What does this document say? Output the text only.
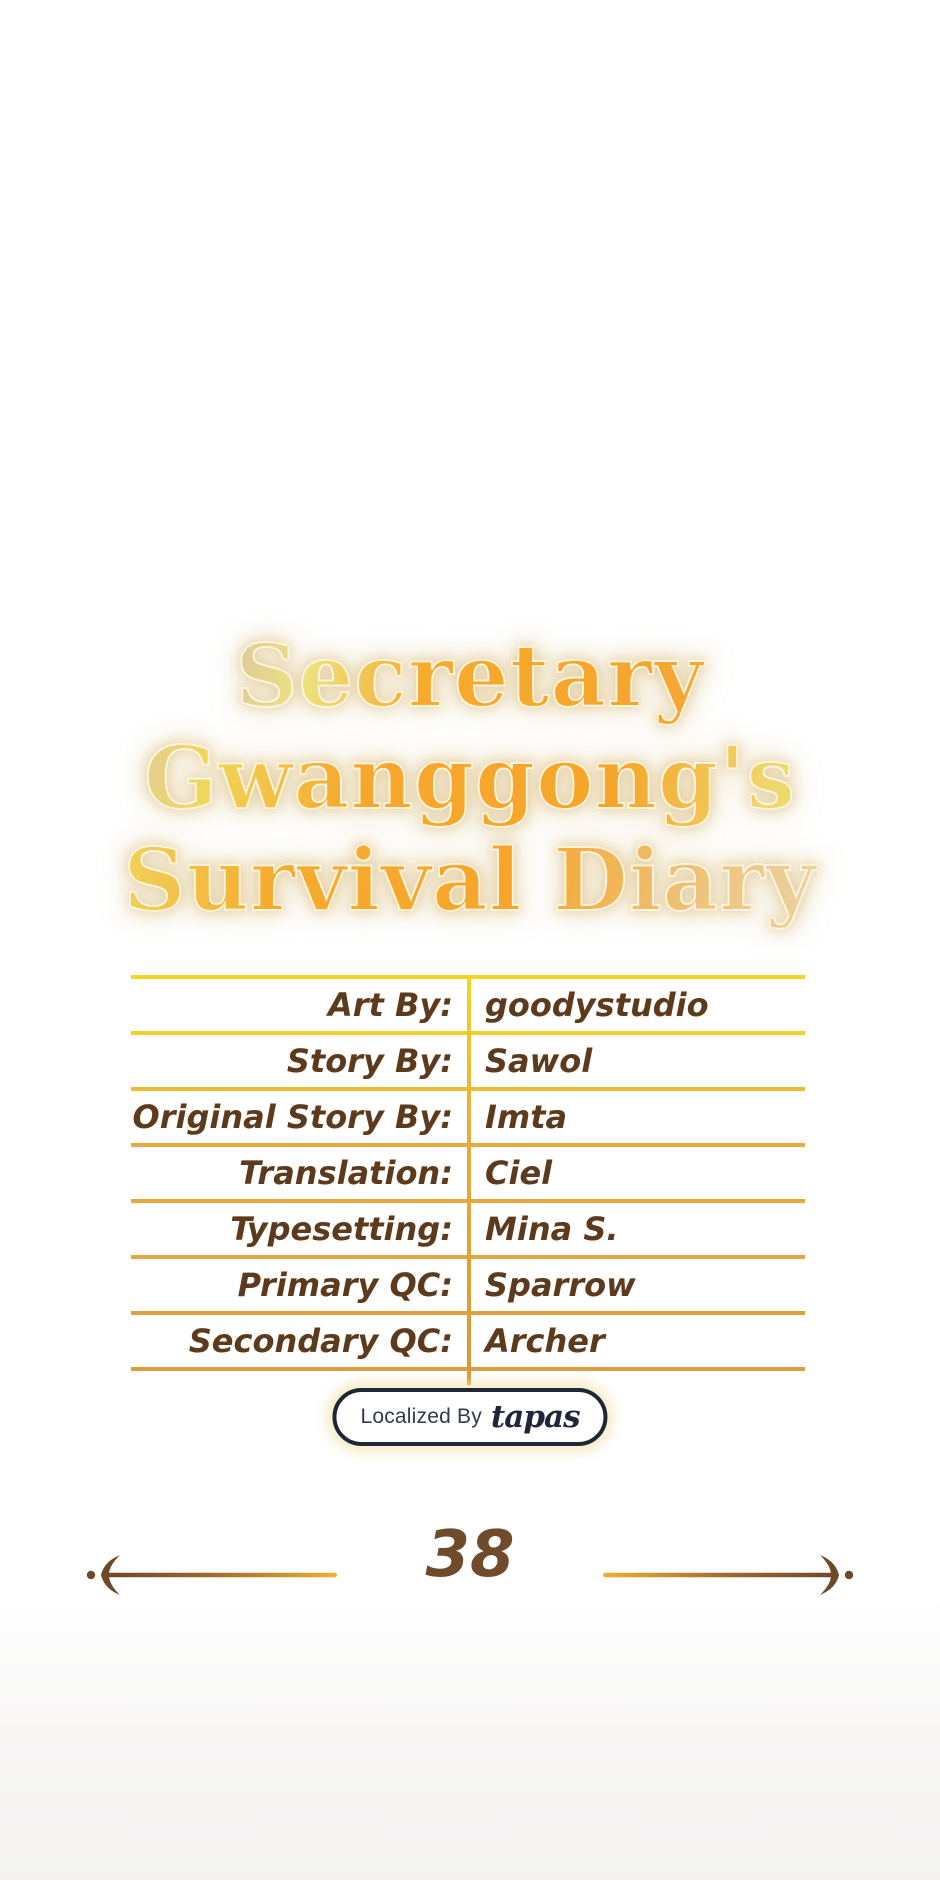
Secretary
Gwanggong's
Survival Diary
Art By:	goodystudio
Story By:	Sawol
Original Story By:	Imta
Translation:	Ciel
Typesetting:	Mina S.
Primary QC:	Sparrow
Secondary QC:	Archer
Localized By tapas
38
